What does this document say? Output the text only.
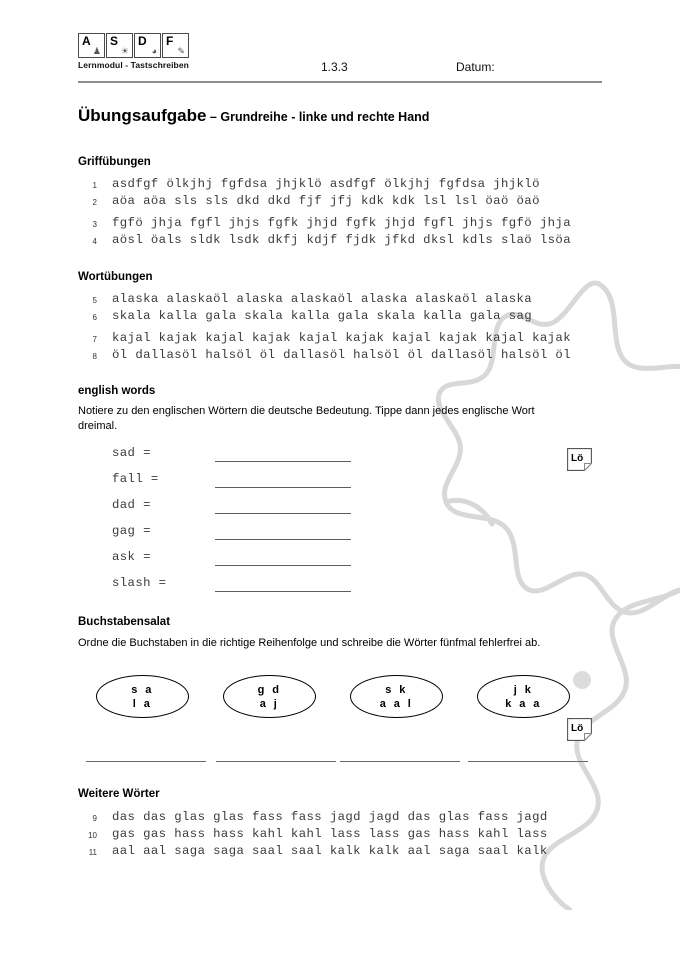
A
♟
S
☀
D
◕
F
✎
Lernmodul - Tastschreiben	1.3.3	Datum:
Übungsaufgabe – Grundreihe - linke und rechte Hand
Griffübungen
1 asdfgf ölkjhj fgfdsa jhjklö asdfgf ölkjhj fgfdsa jhjklö
2 aöa aöa sls sls dkd dkd fjf jfj kdk kdk lsl lsl öaö öaö
3 fgfö jhja fgfl jhjs fgfk jhjd fgfk jhjd fgfl jhjs fgfö jhja
4 aösl öals sldk lsdk dkfj kdjf fjdk jfkd dksl kdls slaö lsöa
Wortübungen
5 alaska alaskaöl alaska alaskaöl alaska alaskaöl alaska
6 skala kalla gala skala kalla gala skala kalla gala sag
7 kajal kajak kajal kajak kajal kajak kajal kajak kajal kajak
8 öl dallasöl halsöl öl dallasöl halsöl öl dallasöl halsöl öl
english words
Notiere zu den englischen Wörtern die deutsche Bedeutung. Tippe dann jedes englische Wort dreimal.
sad =
fall =
dad =
gag =
ask =
slash =
Lö
Buchstabensalat
Ordne die Buchstaben in die richtige Reihenfolge und schreibe die Wörter fünfmal fehlerfrei ab.
s a
l a
g d
a j
s k
a a l
j k
k a a
Lö
Weitere Wörter
9 das das glas glas fass fass jagd jagd das glas fass jagd
10 gas gas hass hass kahl kahl lass lass gas hass kahl lass
11 aal aal saga saga saal saal kalk kalk aal saga saal kalk
